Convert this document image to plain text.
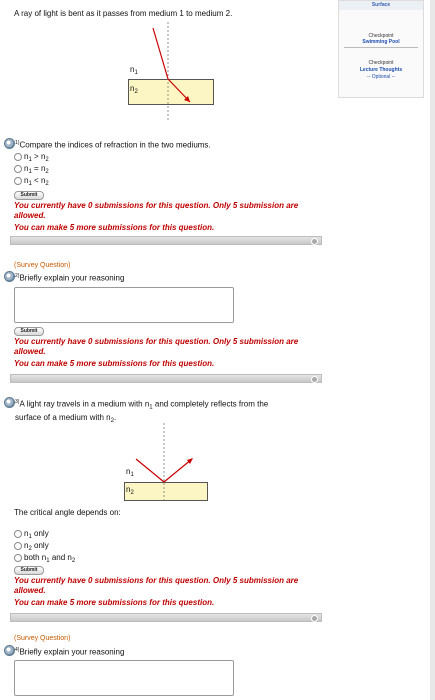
A ray of light is bent as it passes from medium 1 to medium 2.
$n_1$
$n_2$
$^{1)}$Compare the indices of refraction in the two mediums.
$n_1 > n_2$
$n_1 = n_2$
$n_1 < n_2$
Submit
You currently have 0 submissions for this question. Only 5 submission are
allowed.
You can make 5 more submissions for this question.
(Survey Question)
$^{2)}$Briefly explain your reasoning
Submit
You currently have 0 submissions for this question. Only 5 submission are
allowed.
You can make 5 more submissions for this question.
$^{3)}$A light ray travels in a medium with $n_1$ and completely reflects from the
surface of a medium with $n_2$.
$n_1$
$n_2$
The critical angle depends on:
$n_1$ only
$n_2$ only
both $n_1$ and $n_2$
Submit
You currently have 0 submissions for this question. Only 5 submission are
allowed.
You can make 5 more submissions for this question.
(Survey Question)
$^{4)}$Briefly explain your reasoning
Surface
Checkpoint
Swimming Pool
Checkpoint
Lecture Thoughts
-- Optional --
